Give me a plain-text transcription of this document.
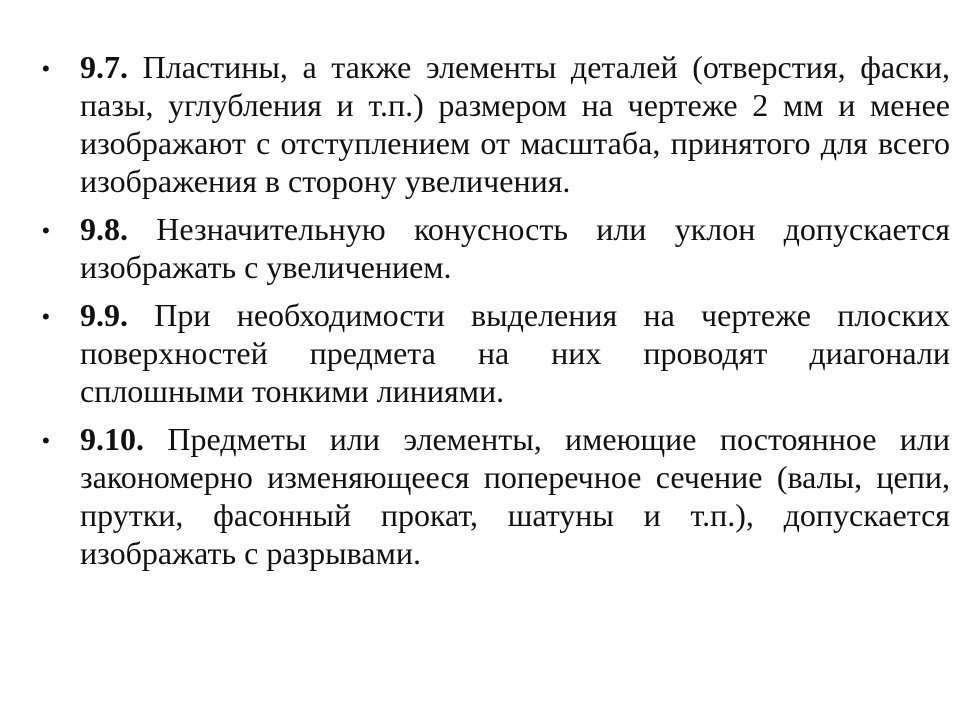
• 9.7. Пластины, а также элементы деталей (отверстия, фаски, пазы, углубления и т.п.) размером на чертеже 2 мм и менее изображают с отступлением от масштаба, принятого для всего изображения в сторону увеличения.
• 9.8. Незначительную конусность или уклон допускается изображать с увеличением.
• 9.9. При необходимости выделения на чертеже плоских поверхностей предмета на них проводят диагонали сплошными тонкими линиями.
• 9.10. Предметы или элементы, имеющие постоянное или закономерно изменяющееся поперечное сечение (валы, цепи, прутки, фасонный прокат, шатуны и т.п.), допускается изображать с разрывами.
